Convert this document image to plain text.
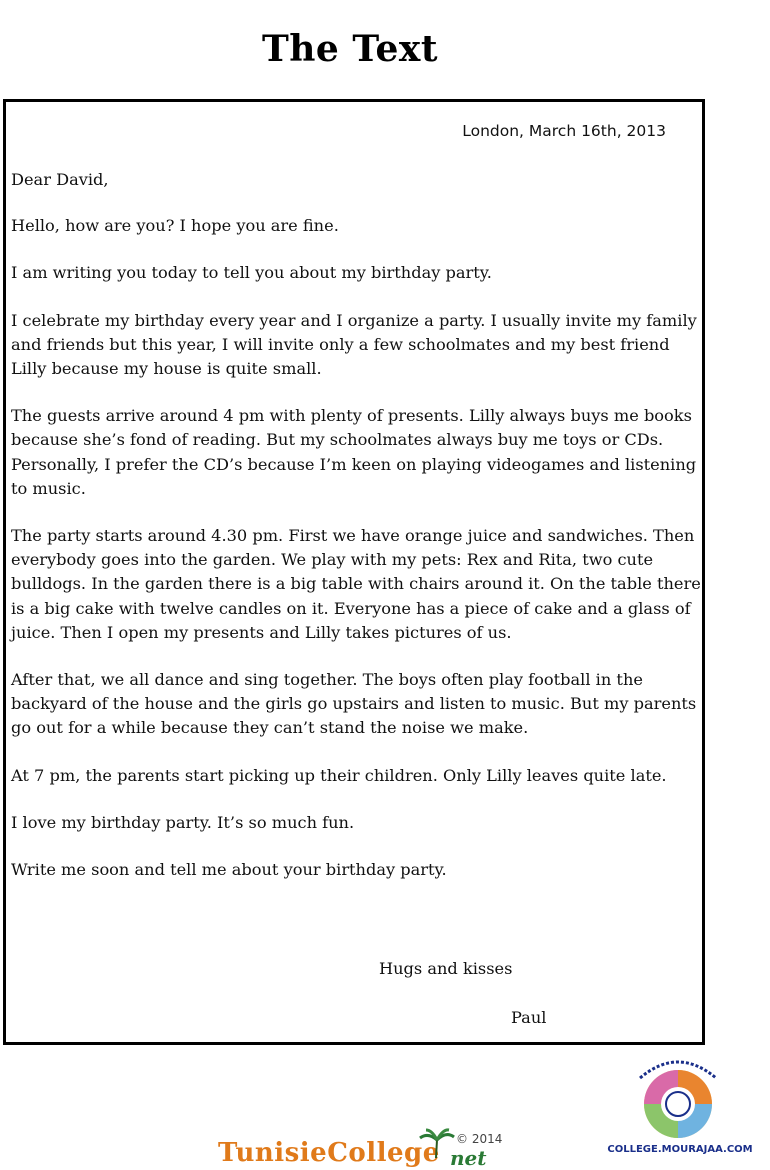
The Text
London, March 16th, 2013

Dear David,

Hello, how are you? I hope you are fine.

I am writing you today to tell you about my birthday party.

I celebrate my birthday every year and I organize a party. I usually invite my family and friends but this year, I will invite only a few schoolmates and my best friend Lilly because my house is quite small.

The guests arrive around 4 pm with plenty of presents. Lilly always buys me books because she’s fond of reading. But my schoolmates always buy me toys or CDs. Personally, I prefer the CD’s because I’m keen on playing videogames and listening to music.

The party starts around 4.30 pm. First we have orange juice and sandwiches. Then everybody goes into the garden. We play with my pets: Rex and Rita, two cute bulldogs. In the garden there is a big table with chairs around it. On the table there is a big cake with twelve candles on it. Everyone has a piece of cake and a glass of juice. Then I open my presents and Lilly takes pictures of us.

After that, we all dance and sing together. The boys often play football in the backyard of the house and the girls go upstairs and listen to music. But my parents go out for a while because they can’t stand the noise we make.

At 7 pm, the parents start picking up their children. Only Lilly leaves quite late.

I love my birthday party. It’s so much fun.

Write me soon and tell me about your birthday party.

Hugs and kisses
Paul
TunisieCollege © 2014
net	COLLEGE.MOURAJAA.COM
